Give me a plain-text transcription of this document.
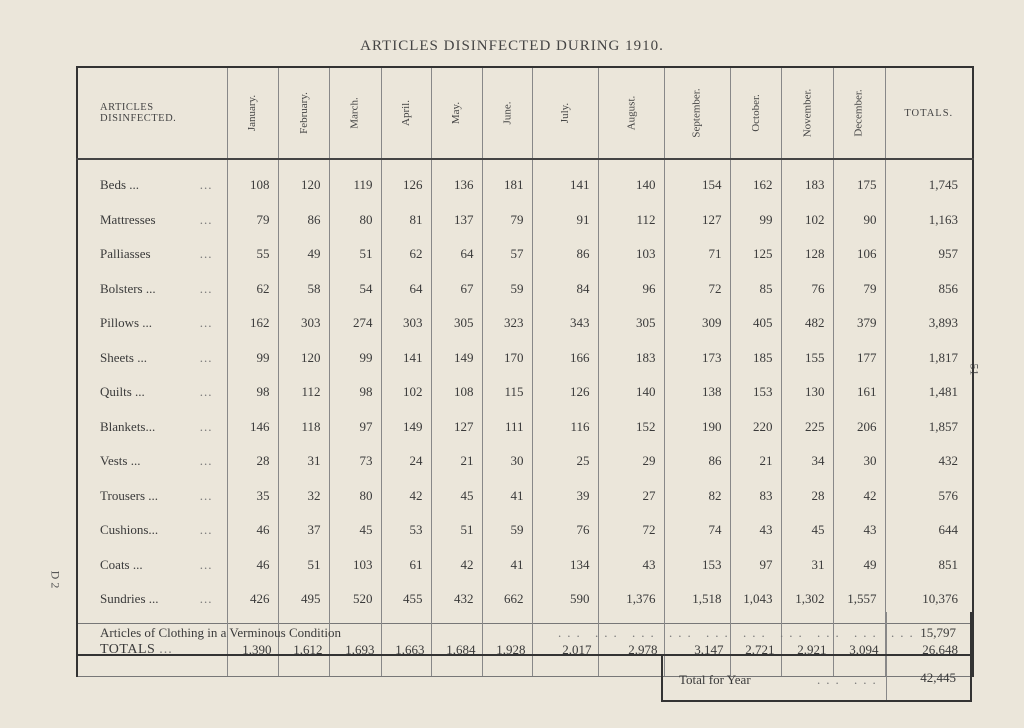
ARTICLES DISINFECTED DURING 1910.
51
D 2
ARTICLES DISINFECTED.	January.	February.	March.	April.	May.	June.	July.	August.	September.	October.	November.	December.	TOTALS.
Beds ... ...	108	120	119	126	136	181	141	140	154	162	183	175	1,745
Mattresses ...	79	86	80	81	137	79	91	112	127	99	102	90	1,163
Palliasses ...	55	49	51	62	64	57	86	103	71	125	128	106	957
Bolsters ... ...	62	58	54	64	67	59	84	96	72	85	76	79	856
Pillows ... ...	162	303	274	303	305	323	343	305	309	405	482	379	3,893
Sheets ... ...	99	120	99	141	149	170	166	183	173	185	155	177	1,817
Quilts ... ...	98	112	98	102	108	115	126	140	138	153	130	161	1,481
Blankets... ...	146	118	97	149	127	111	116	152	190	220	225	206	1,857
Vests ... ...	28	31	73	24	21	30	25	29	86	21	34	30	432
Trousers ... ...	35	32	80	42	45	41	39	27	82	83	28	42	576
Cushions... ...	46	37	45	53	51	59	76	72	74	43	45	43	644
Coats ... ...	46	51	103	61	42	41	134	43	153	97	31	49	851
Sundries ... ...	426	495	520	455	432	662	590	1,376	1,518	1,043	1,302	1,557	10,376
TOTALS ...	1,390	1,612	1,693	1,663	1,684	1,928	2,017	2,978	3,147	2,721	2,921	3,094	26,648
Articles of Clothing in a Verminous Condition	... ... ... ... ... ... ... ... ... ... 15,797
Total for Year	... ...	42,445
